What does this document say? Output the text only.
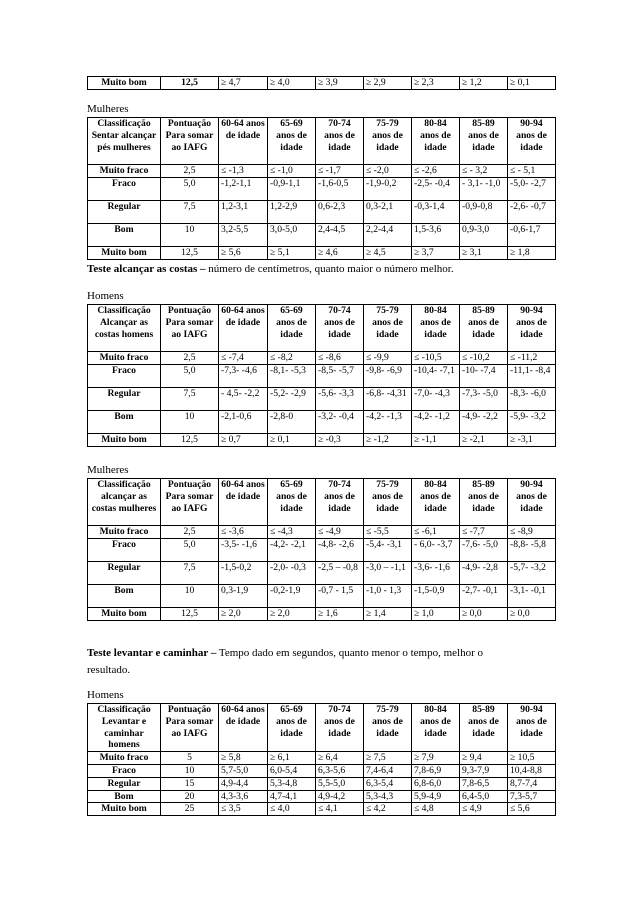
Muito bom	12,5	≥ 4,7	≥ 4,0	≥ 3,9	≥ 2,9	≥ 2,3	≥ 1,2	≥ 0,1
Mulheres
Classificação Sentar alcançar pés mulheres	Pontuação Para somar ao IAFG	60-64 anos de idade	65-69 anos de idade	70-74 anos de idade	75-79 anos de idade	80-84 anos de idade	85-89 anos de idade	90-94 anos de idade
Muito fraco	2,5	≤ -1,3	≤ -1,0	≤ -1,7	≤ -2,0	≤ -2,6	≤ - 3,2	≤ - 5,1
Fraco	5,0	-1,2-1,1	-0,9-1,1	-1,6-0,5	-1,9-0,2	-2,5- -0,4	- 3,1- -1,0	-5,0- -2,7
Regular	7,5	1,2-3,1	1,2-2,9	0,6-2,3	0,3-2,1	-0,3-1,4	-0,9-0,8	-2,6- -0,7
Bom	10	3,2-5,5	3,0-5,0	2,4-4,5	2,2-4,4	1,5-3,6	0,9-3,0	-0,6-1,7
Muito bom	12,5	≥ 5,6	≥ 5,1	≥ 4,6	≥ 4,5	≥ 3,7	≥ 3,1	≥ 1,8
Teste alcançar as costas – número de centímetros, quanto maior o número melhor.
Homens
Classificação Alcançar as costas homens	Pontuação Para somar ao IAFG	60-64 anos de idade	65-69 anos de idade	70-74 anos de idade	75-79 anos de idade	80-84 anos de idade	85-89 anos de idade	90-94 anos de idade
Muito fraco	2,5	≤ -7,4	≤ -8,2	≤ -8,6	≤ -9,9	≤ -10,5	≤ -10,2	≤ -11,2
Fraco	5,0	-7,3- -4,6	-8,1- -5,3	-8,5- -5,7	-9,8- -6,9	-10,4- -7,1	-10- -7,4	-11,1- -8,4
Regular	7,5	- 4,5- -2,2	-5,2- -2,9	-5,6- -3,3	-6,8- -4,31	-7,0- -4,3	-7,3- -5,0	-8,3- -6,0
Bom	10	-2,1-0,6	-2,8-0	-3,2- -0,4	-4,2- -1,3	-4,2- -1,2	-4,9- -2,2	-5,9- -3,2
Muito bom	12,5	≥ 0,7	≥ 0,1	≥ -0,3	≥ -1,2	≥ -1,1	≥ -2,1	≥ -3,1
Mulheres
Classificação alcançar as costas mulheres	Pontuação Para somar ao IAFG	60-64 anos de idade	65-69 anos de idade	70-74 anos de idade	75-79 anos de idade	80-84 anos de idade	85-89 anos de idade	90-94 anos de idade
Muito fraco	2,5	≤ -3,6	≤ -4,3	≤ -4,9	≤ -5,5	≤ -6,1	≤ -7,7	≤ -8,9
Fraco	5,0	-3,5- -1,6	-4,2- -2,1	-4,8- -2,6	-5,4- -3,1	- 6,0- -3,7	-7,6- -5,0	-8,8- -5,8
Regular	7,5	-1,5-0,2	-2,0- -0,3	-2,5 – -0,8	-3,0 – -1,1	-3,6- -1,6	-4,9- -2,8	-5,7- -3,2
Bom	10	0,3-1,9	-0,2-1,9	-0,7 - 1,5	-1,0 - 1,3	-1,5-0,9	-2,7- -0,1	-3,1- -0,1
Muito bom	12,5	≥ 2,0	≥ 2,0	≥ 1,6	≥ 1,4	≥ 1,0	≥ 0,0	≥ 0,0
Teste levantar e caminhar – Tempo dado em segundos, quanto menor o tempo, melhor o
resultado.
Homens
Classificação Levantar e caminhar homens	Pontuação Para somar ao IAFG	60-64 anos de idade	65-69 anos de idade	70-74 anos de idade	75-79 anos de idade	80-84 anos de idade	85-89 anos de idade	90-94 anos de idade
Muito fraco	5	≥ 5,8	≥ 6,1	≥ 6,4	≥ 7,5	≥ 7,9	≥ 9,4	≥ 10,5
Fraco	10	5,7-5,0	6,0-5,4	6,3-5,6	7,4-6,4	7,8-6,9	9,3-7,9	10,4-8,8
Regular	15	4,9-4,4	5,3-4,8	5,5-5,0	6,3-5,4	6,8-6,0	7,8-6,5	8,7-7,4
Bom	20	4,3-3,6	4,7-4,1	4,9-4,2	5,3-4,3	5,9-4,9	6,4-5,0	7,3-5,7
Muito bom	25	≤ 3,5	≤ 4,0	≤ 4,1	≤ 4,2	≤ 4,8	≤ 4,9	≤ 5,6
